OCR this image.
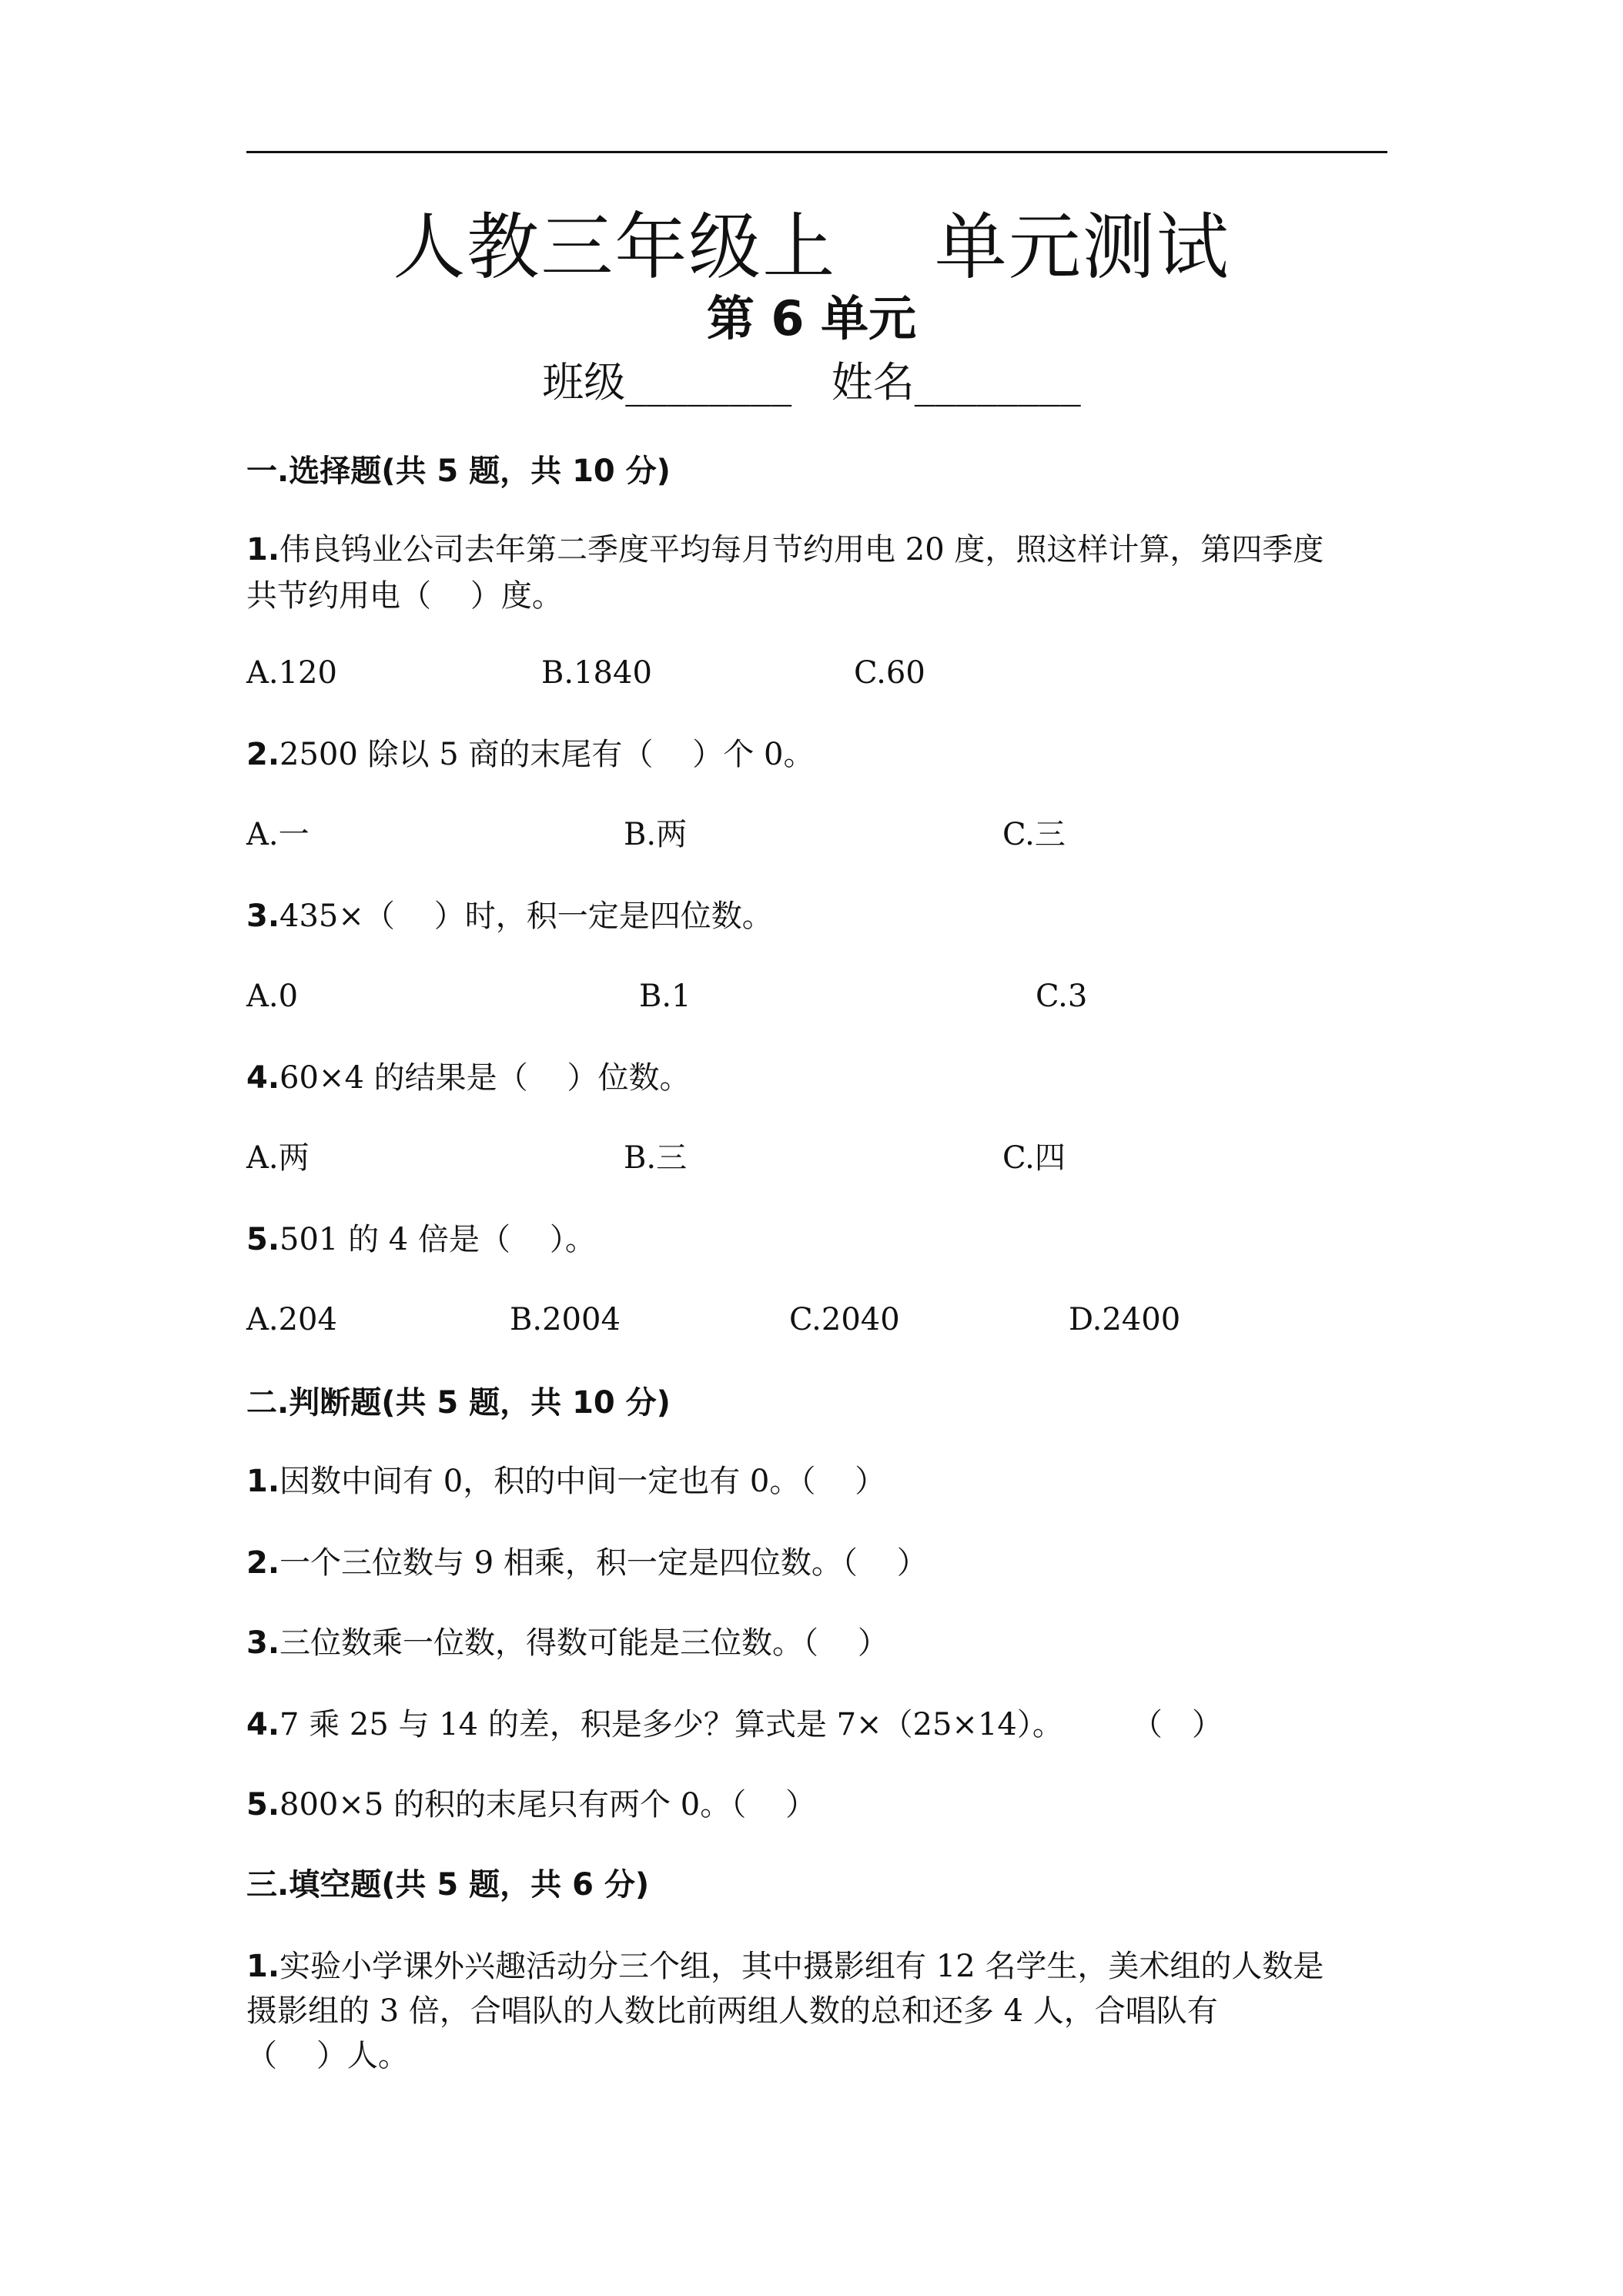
人教三年级上    单元测试
第 6 单元
班级________   姓名________
一.选择题(共 5 题，共 10 分)
1.伟良钨业公司去年第二季度平均每月节约用电 20 度，照这样计算，第四季度
共节约用电（    ）度。
A.120	B.1840	C.60
2.2500 除以 5 商的末尾有（    ）个 0。
A.一	B.两	C.三
3.435×（    ）时，积一定是四位数。
A.0	B.1	C.3
4.60×4 的结果是（    ）位数。
A.两	B.三	C.四
5.501 的 4 倍是（    ）。
A.204	B.2004	C.2040	D.2400
二.判断题(共 5 题，共 10 分)
1.因数中间有 0，积的中间一定也有 0。（    ）
2.一个三位数与 9 相乘，积一定是四位数。（    ）
3.三位数乘一位数，得数可能是三位数。（    ）
4.7 乘 25 与 14 的差，积是多少？算式是 7×（25×14）。       （   ）
5.800×5 的积的末尾只有两个 0。（    ）
三.填空题(共 5 题，共 6 分)
1.实验小学课外兴趣活动分三个组，其中摄影组有 12 名学生，美术组的人数是
摄影组的 3 倍，合唱队的人数比前两组人数的总和还多 4 人，合唱队有
（    ）人。
